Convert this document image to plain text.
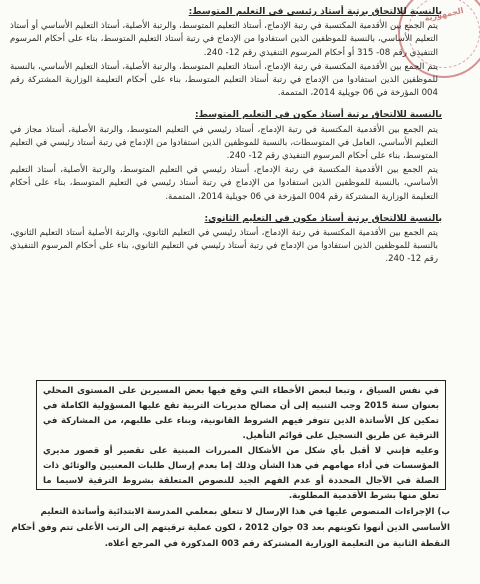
الجمهورية
بالنسبة للالتحاق برتبة أستاذ رئيسي في التعليم المتوسط:

يتم الجمع بين الأقدمية المكتسبة في رتبة الإدماج، أستاذ التعليم المتوسط، والرتبة الأصلية، أستاذ التعليم الأساسي أو أستاذ التعليم الأساسي، بالنسبة للموظفين الذين استفادوا من الإدماج في رتبة أستاذ التعليم المتوسط، بناء على أحكام المرسوم التنفيذي رقم 08- 315 أو أحكام المرسوم التنفيذي رقم 12- 240.

يتم الجمع بين الأقدمية المكتسبة في رتبة الإدماج، أستاذ التعليم المتوسط، والرتبة الأصلية، أستاذ التعليم الأساسي، بالنسبة للموظفين الذين استفادوا من الإدماج في رتبة أستاذ التعليم المتوسط، بناء على أحكام التعليمة الوزارية المشتركة رقم 004 المؤرخة في 06 جويلية 2014، المتممة.

بالنسبة للالتحاق برتبة أستاذ مكون في التعليم المتوسط:

يتم الجمع بين الأقدمية المكتسبة في رتبة الإدماج، أستاذ رئيسي في التعليم المتوسط، والرتبة الأصلية، أستاذ مجاز في التعليم الأساسي، العامل في المتوسطات، بالنسبة للموظفين الذين استفادوا من الإدماج في رتبة أستاذ رئيسي في التعليم المتوسط، بناء على أحكام المرسوم التنفيذي رقم 12- 240.

يتم الجمع بين الأقدمية المكتسبة في رتبة الإدماج، أستاذ رئيسي في التعليم المتوسط، والرتبة الأصلية، أستاذ التعليم الأساسي، بالنسبة للموظفين الذين استفادوا من الإدماج في رتبة أستاذ رئيسي في التعليم المتوسط، بناء على أحكام التعليمة الوزارية المشتركة رقم 004 المؤرخة في 06 جويلية 2014، المتممة.

بالنسبة للالتحاق برتبة أستاذ مكون في التعليم الثانوي:

يتم الجمع بين الأقدمية المكتسبة في رتبة الإدماج، أستاذ رئيسي في التعليم الثانوي، والرتبة الأصلية أستاذ التعليم الثانوي، بالنسبة للموظفين الذين استفادوا من الإدماج في رتبة أستاذ رئيسي في التعليم الثانوي، بناء على أحكام المرسوم التنفيذي رقم 12- 240.

في نفس السياق ، وتبعا لبعض الأخطاء التي وقع فيها بعض المسيرين على المستوى المحلي بعنوان سنة 2015 وجب التنبيه إلى أن مصالح مديريات التربية تقع عليها المسؤولية الكاملة في تمكين كل الأساتذة الذين تتوفر فيهم الشروط القانونية، وبناء على طلبهم، من المشاركة في الترقية عن طريق التسجيل على قوائم التأهيل.

وعليه فإنني لا أقبل بأي شكل من الأشكال المبررات المبنية على تقصير أو قصور مديري المؤسسات في أداء مهامهم في هذا الشأن وذلك إما بعدم إرسال طلبات المعنيين والوثائق ذات الصلة في الآجال المحددة أو عدم الفهم الجيد للنصوص المتعلقة بشروط الترقية لاسيما ما تعلق منها بشرط الأقدمية المطلوبة.

ب) الإجراءات المنصوص عليها في هذا الإرسال لا تتعلق بمعلمي المدرسة الابتدائية وأساتذة التعليم الأساسي الذين أنهوا تكوينهم بعد 03 جوان 2012 ، لكون عملية ترقيتهم إلى الرتب الأعلى تتم وفق أحكام النقطة الثانية من التعليمة الوزارية المشتركة رقم 003 المذكورة في المرجع أعلاه.
